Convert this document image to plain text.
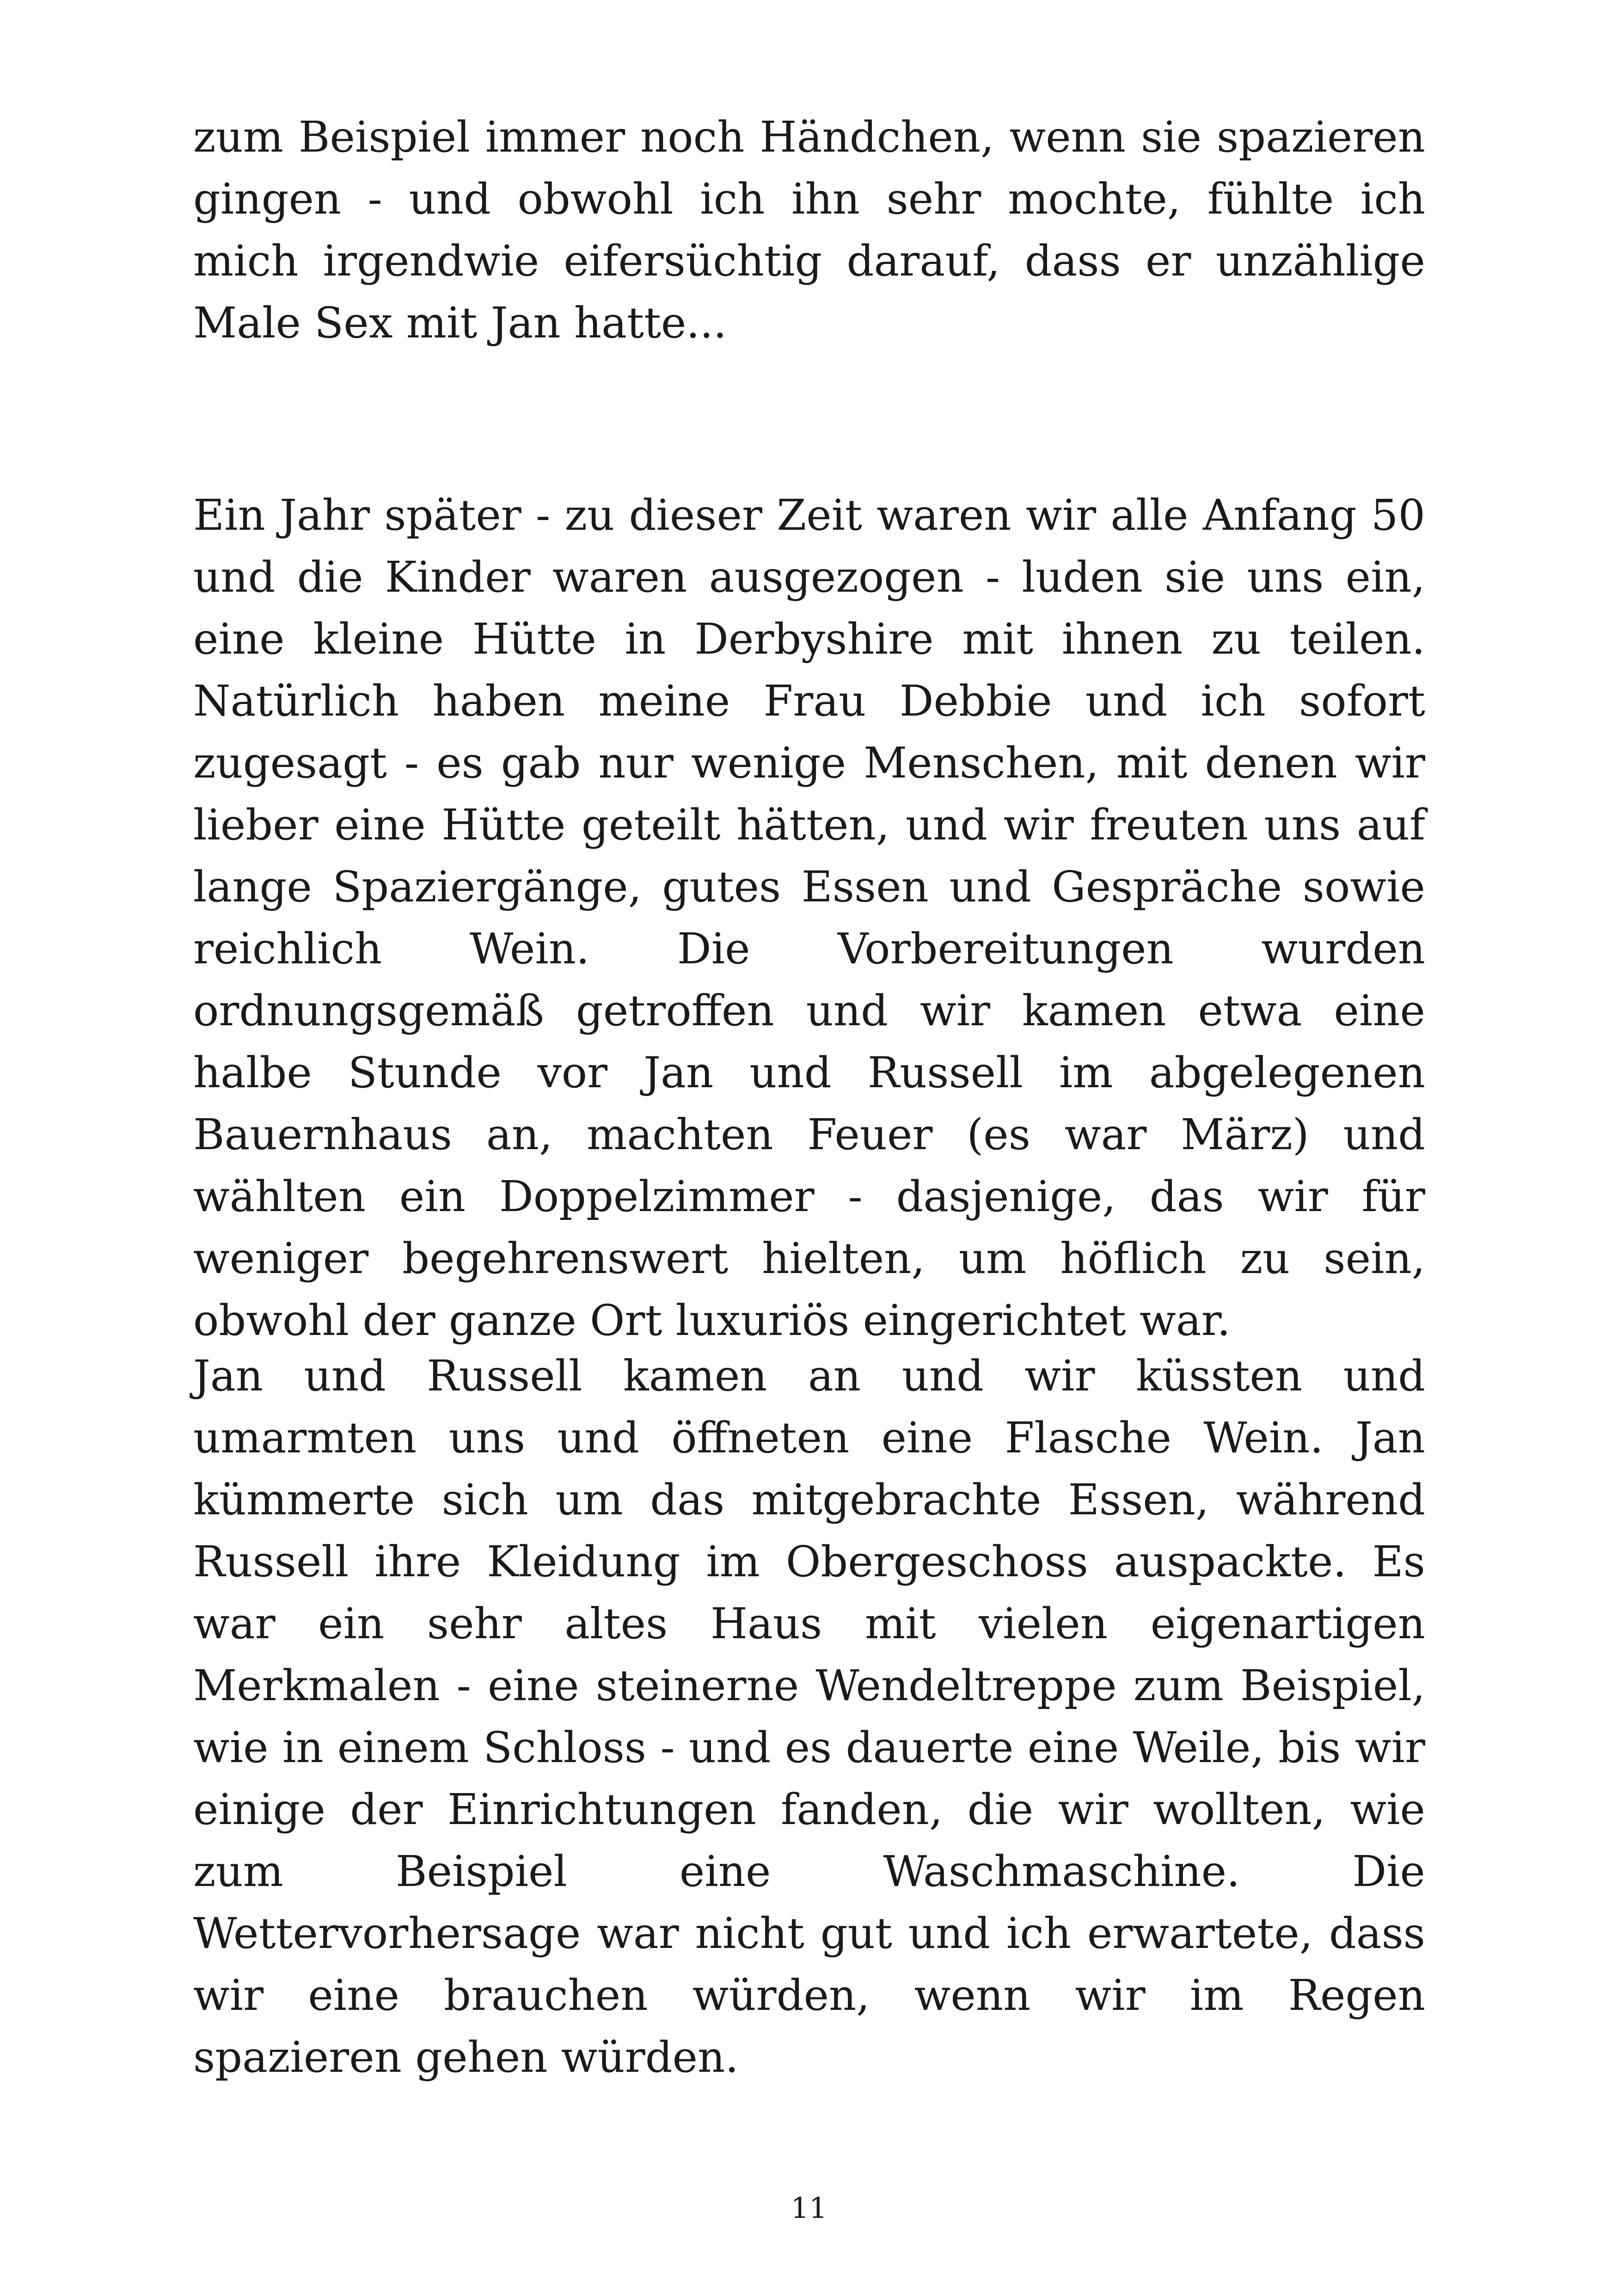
zum Beispiel immer noch Händchen, wenn sie spazieren gingen - und obwohl ich ihn sehr mochte, fühlte ich mich irgendwie eifersüchtig darauf, dass er unzählige Male Sex mit Jan hatte...

Ein Jahr später - zu dieser Zeit waren wir alle Anfang 50 und die Kinder waren ausgezogen - luden sie uns ein, eine kleine Hütte in Derbyshire mit ihnen zu teilen. Natürlich haben meine Frau Debbie und ich sofort zugesagt - es gab nur wenige Menschen, mit denen wir lieber eine Hütte geteilt hätten, und wir freuten uns auf lange Spaziergänge, gutes Essen und Gespräche sowie reichlich Wein. Die Vorbereitungen wurden ordnungsgemäß getroffen und wir kamen etwa eine halbe Stunde vor Jan und Russell im abgelegenen Bauernhaus an, machten Feuer (es war März) und wählten ein Doppelzimmer - dasjenige, das wir für weniger begehrenswert hielten, um höflich zu sein, obwohl der ganze Ort luxuriös eingerichtet war.

Jan und Russell kamen an und wir küssten und umarmten uns und öffneten eine Flasche Wein. Jan kümmerte sich um das mitgebrachte Essen, während Russell ihre Kleidung im Obergeschoss auspackte. Es war ein sehr altes Haus mit vielen eigenartigen Merkmalen - eine steinerne Wendeltreppe zum Beispiel, wie in einem Schloss - und es dauerte eine Weile, bis wir einige der Einrichtungen fanden, die wir wollten, wie zum Beispiel eine Waschmaschine. Die Wettervorhersage war nicht gut und ich erwartete, dass wir eine brauchen würden, wenn wir im Regen spazieren gehen würden.

11
